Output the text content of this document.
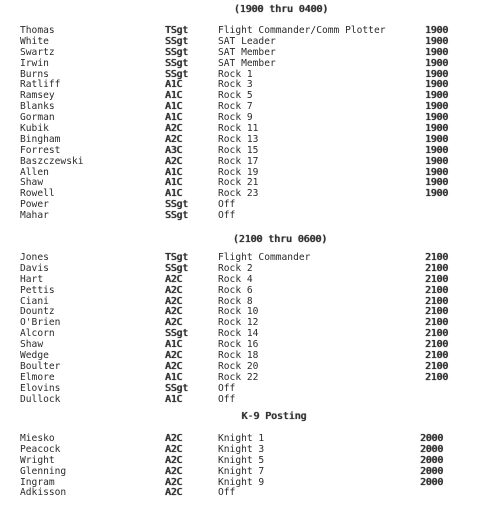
(1900 thru 0400)
Thomas	TSgt	Flight Commander/Comm Plotter	1900
White	SSgt	SAT Leader	1900
Swartz	SSgt	SAT Member	1900
Irwin	SSgt	SAT Member	1900
Burns	SSgt	Rock 1	1900
Ratliff	A1C	Rock 3	1900
Ramsey	A1C	Rock 5	1900
Blanks	A1C	Rock 7	1900
Gorman	A1C	Rock 9	1900
Kubik	A2C	Rock 11	1900
Bingham	A2C	Rock 13	1900
Forrest	A3C	Rock 15	1900
Baszczewski	A2C	Rock 17	1900
Allen	A1C	Rock 19	1900
Shaw	A1C	Rock 21	1900
Rowell	A1C	Rock 23	1900
Power	SSgt	Off
Mahar	SSgt	Off
(2100 thru 0600)
Jones	TSgt	Flight Commander	2100
Davis	SSgt	Rock 2	2100
Hart	A2C	Rock 4	2100
Pettis	A2C	Rock 6	2100
Ciani	A2C	Rock 8	2100
Dountz	A2C	Rock 10	2100
O'Brien	A2C	Rock 12	2100
Alcorn	SSgt	Rock 14	2100
Shaw	A1C	Rock 16	2100
Wedge	A2C	Rock 18	2100
Boulter	A2C	Rock 20	2100
Elmore	A1C	Rock 22	2100
Elovins	SSgt	Off
Dullock	A1C	Off
K-9 Posting
Miesko	A2C	Knight 1	2000
Peacock	A2C	Knight 3	2000
Wright	A2C	Knight 5	2000
Glenning	A2C	Knight 7	2000
Ingram	A2C	Knight 9	2000
Adkisson	A2C	Off
